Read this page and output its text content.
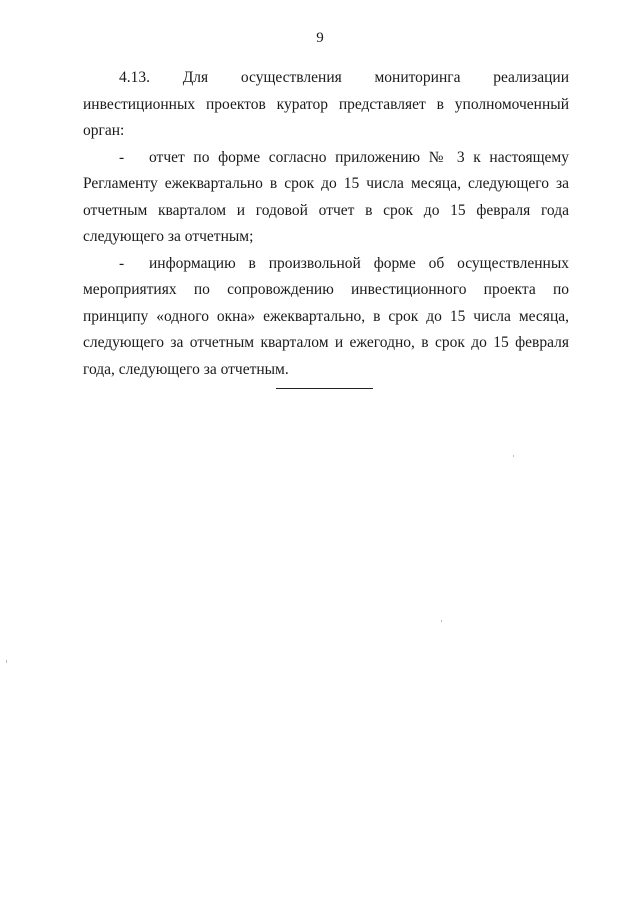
9

4.13. Для осуществления мониторинга реализации инвестиционных проектов куратор представляет в уполномоченный орган:

- отчет по форме согласно приложению № 3 к настоящему Регламенту ежеквартально в срок до 15 числа месяца, следующего за отчетным кварталом и годовой отчет в срок до 15 февраля года следующего за отчетным;

- информацию в произвольной форме об осуществленных мероприятиях по сопровождению инвестиционного проекта по принципу «одного окна» ежеквартально, в срок до 15 числа месяца, следующего за отчетным кварталом и ежегодно, в срок до 15 февраля года, следующего за отчетным.
